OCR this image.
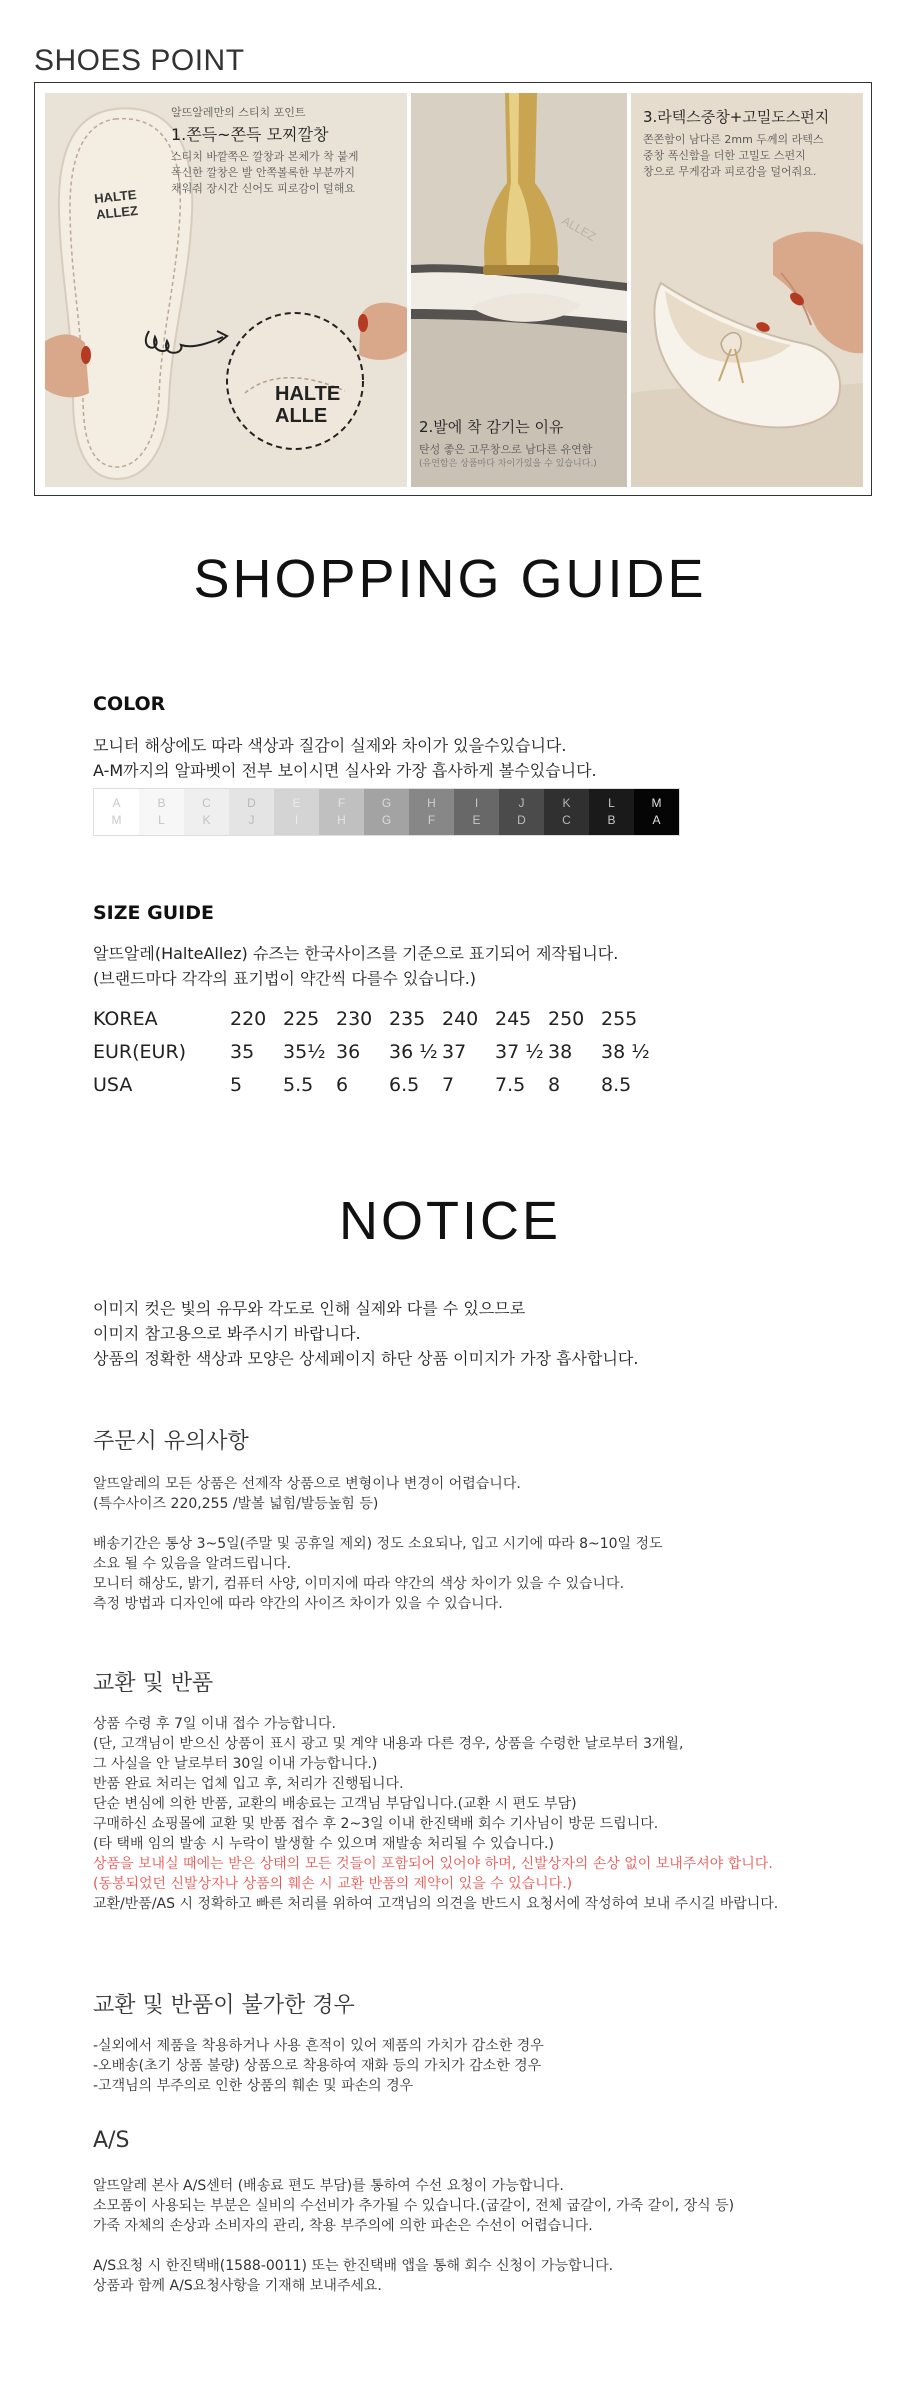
SHOES POINT
HALTE
ALLEZ
HALTE
ALLE
알뜨알레만의 스티치 포인트
1.쫀득~쫀득 모찌깔창
스티치 바깥쪽은 깔창과 본체가 착 붙게
폭신한 깔창은 발 안쪽볼록한 부분까지
채워줘 장시간 신어도 피로감이 덜해요
ALLEZ
2.발에 착 감기는 이유
탄성 좋은 고무창으로 남다른 유연함
(유연함은 상품마다 차이가있을 수 있습니다.)
3.라텍스중창+고밀도스펀지
쫀쫀함이 남다른 2mm 두께의 라텍스
중창 폭신함을 더한 고밀도 스펀지
창으로 무게감과 피로감을 덜어줘요.
SHOPPING GUIDE
COLOR
모니터 해상에도 따라 색상과 질감이 실제와 차이가 있을수있습니다.
A-M까지의 알파벳이 전부 보이시면 실사와 가장 흡사하게 볼수있습니다.
A
M
B
L
C
K
D
J
E
I
F
H
G
G
H
F
I
E
J
D
K
C
L
B
M
A
SIZE GUIDE
알뜨알레(HalteAllez) 슈즈는 한국사이즈를 기준으로 표기되어 제작됩니다.
(브랜드마다 각각의 표기법이 약간씩 다를수 있습니다.)
KOREA	220	225	230	235	240	245	250	255
EUR(EUR)	35	35½	36	36 ½	37	37 ½	38	38 ½
USA	5	5.5	6	6.5	7	7.5	8	8.5
NOTICE
이미지 컷은 빛의 유무와 각도로 인해 실제와 다를 수 있으므로
이미지 참고용으로 봐주시기 바랍니다.
상품의 정확한 색상과 모양은 상세페이지 하단 상품 이미지가 가장 흡사합니다.
주문시 유의사항
알뜨알레의 모든 상품은 선제작 상품으로 변형이나 변경이 어렵습니다.
(특수사이즈 220,255 /발볼 넓힘/발등높힘 등)
배송기간은 통상 3~5일(주말 및 공휴일 제외) 정도 소요되나, 입고 시기에 따라 8~10일 정도
소요 될 수 있음을 알려드립니다.
모니터 해상도, 밝기, 컴퓨터 사양, 이미지에 따라 약간의 색상 차이가 있을 수 있습니다.
측정 방법과 디자인에 따라 약간의 사이즈 차이가 있을 수 있습니다.
교환 및 반품
상품 수령 후 7일 이내 접수 가능합니다.
(단, 고객님이 받으신 상품이 표시 광고 및 계약 내용과 다른 경우, 상품을 수령한 날로부터 3개월,
그 사실을 안 날로부터 30일 이내 가능합니다.)
반품 완료 처리는 업체 입고 후, 처리가 진행됩니다.
단순 변심에 의한 반품, 교환의 배송료는 고객님 부담입니다.(교환 시 편도 부담)
구매하신 쇼핑몰에 교환 및 반품 접수 후 2~3일 이내 한진택배 회수 기사님이 방문 드립니다.
(타 택배 임의 발송 시 누락이 발생할 수 있으며 재발송 처리될 수 있습니다.)
상품을 보내실 때에는 받은 상태의 모든 것들이 포함되어 있어야 하며, 신발상자의 손상 없이 보내주셔야 합니다.
(동봉되었던 신발상자나 상품의 훼손 시 교환 반품의 제약이 있을 수 있습니다.)
교환/반품/AS 시 정확하고 빠른 처리를 위하여 고객님의 의견을 반드시 요청서에 작성하여 보내 주시길 바랍니다.
교환 및 반품이 불가한 경우
-실외에서 제품을 착용하거나 사용 흔적이 있어 제품의 가치가 감소한 경우
-오배송(초기 상품 불량) 상품으로 착용하여 재화 등의 가치가 감소한 경우
-고객님의 부주의로 인한 상품의 훼손 및 파손의 경우
A/S
알뜨알레 본사 A/S센터 (배송료 편도 부담)를 통하여 수선 요청이 가능합니다.
소모품이 사용되는 부분은 실비의 수선비가 추가될 수 있습니다.(굽갈이, 전체 굽갈이, 가죽 갈이, 장식 등)
가죽 자체의 손상과 소비자의 관리, 착용 부주의에 의한 파손은 수선이 어렵습니다.
A/S요청 시 한진택배(1588-0011) 또는 한진택배 앱을 통해 회수 신청이 가능합니다.
상품과 함께 A/S요청사항을 기재해 보내주세요.
